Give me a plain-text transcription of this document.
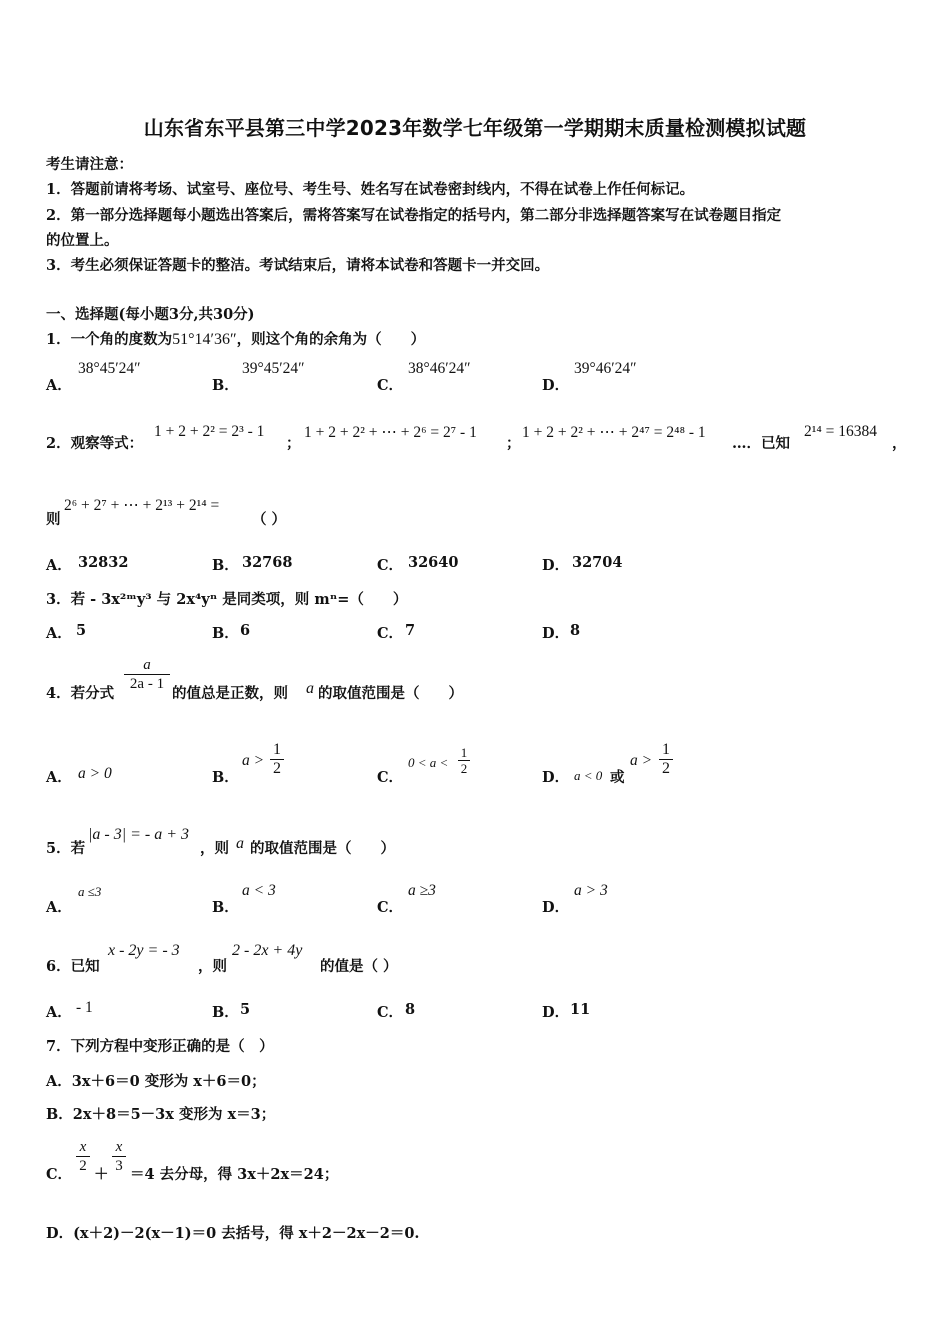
山东省东平县第三中学2023年数学七年级第一学期期末质量检测模拟试题
考生请注意：
1．答题前请将考场、试室号、座位号、考生号、姓名写在试卷密封线内，不得在试卷上作任何标记。
2．第一部分选择题每小题选出答案后，需将答案写在试卷指定的括号内，第二部分非选择题答案写在试卷题目指定
的位置上。
3．考生必须保证答题卡的整洁。考试结束后，请将本试卷和答题卡一并交回。
一、选择题(每小题3分,共30分)
1．一个角的度数为51°14′36″，则这个角的余角为（　　）
A．
38°45′24″
B．
39°45′24″
C．
38°46′24″
D．
39°46′24″
2．观察等式：
1 + 2 + 2² = 2³ - 1
；
1 + 2 + 2² + ⋯ + 2⁶ = 2⁷ - 1
；
1 + 2 + 2² + ⋯ + 2⁴⁷ = 2⁴⁸ - 1
…．已知
2¹⁴ = 16384
，
则
2⁶ + 2⁷ + ⋯ + 2¹³ + 2¹⁴ =
（ ）
A． 32832	B． 32768	C． 32640	D． 32704
3．若 - 3x²ᵐy³ 与 2x⁴yⁿ 是同类项，则 mⁿ=（　　）
A． 5	B． 6	C． 7	D． 8
4．若分式
a
2a - 1
的值总是正数，则 a 的取值范围是（　　）
A． a > 0	B．
a >
1
2
C．
0 < a <
1
2
D． a < 0 或
a >
1
2
5．若
|a - 3| = - a + 3
，则 a 的取值范围是（　　）
A．
a ≤3
B．
a < 3
C．
a ≥3
D．
a > 3
6．已知
x - 2y = - 3
，则
2 - 2x + 4y
的值是（ ）
A． - 1	B． 5	C． 8	D． 11
7．下列方程中变形正确的是（　）
A．3x＋6＝0 变形为 x＋6＝0；
B．2x＋8＝5－3x 变形为 x＝3；
C．
x
2 ＋
x
3 ＝4 去分母，得 3x＋2x＝24；
D．(x＋2)－2(x－1)＝0 去括号，得 x＋2－2x－2＝0.
